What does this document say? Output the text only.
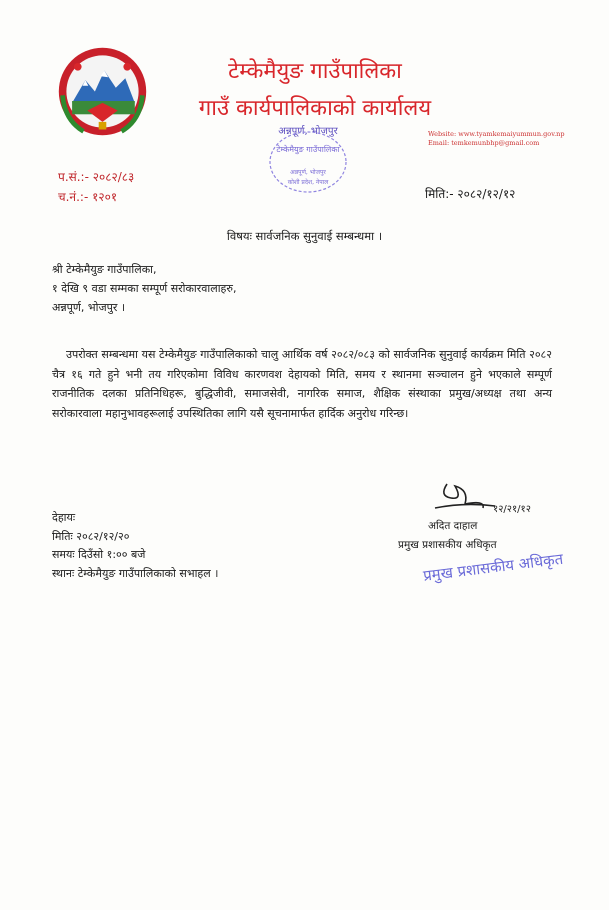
टेम्केमैयुङ गाउँपालिका
गाउँ कार्यपालिकाको कार्यालय
Website: www.tyamkemaiyummun.gov.np
Email: temkemunbhp@gmail.com
अन्नपूर्ण, भोजपुर
टेम्केमैयुङ गाउँपालिका
अन्नपूर्ण, भोजपुर
कोशी प्रदेश, नेपाल
प.सं.:- २०८२/८३
च.नं.:- १२०१	मिति:- २०८२/१२/१२
विषयः सार्वजनिक सुनुवाई सम्बन्धमा ।
श्री टेम्केमैयुङ गाउँपालिका,
१ देखि ९ वडा सम्मका सम्पूर्ण सरोकारवालाहरु,
अन्नपूर्ण, भोजपुर ।
उपरोक्त सम्बन्धमा यस टेम्केमैयुङ गाउँपालिकाको चालु आर्थिक वर्ष २०८२/०८३ को सार्वजनिक सुनुवाई कार्यक्रम मिति २०८२ चैत्र १६ गते हुने भनी तय गरिएकोमा विविध कारणवश देहायको मिति, समय र स्थानमा सञ्चालन हुने भएकाले सम्पूर्ण राजनीतिक दलका प्रतिनिधिहरू, बुद्धिजीवी, समाजसेवी, नागरिक समाज, शैक्षिक संस्थाका प्रमुख/अध्यक्ष तथा अन्य सरोकारवाला महानुभावहरूलाई उपस्थितिका लागि यसै सूचनामार्फत हार्दिक अनुरोध गरिन्छ।
देहायः
मितिः २०८२/१२/२०
समयः दिउँसो १:०० बजे
स्थानः टेम्केमैयुङ गाउँपालिकाको सभाहल ।
१२/२१/१२
अदित दाहाल
प्रमुख प्रशासकीय अधिकृत
प्रमुख प्रशासकीय अधिकृत
